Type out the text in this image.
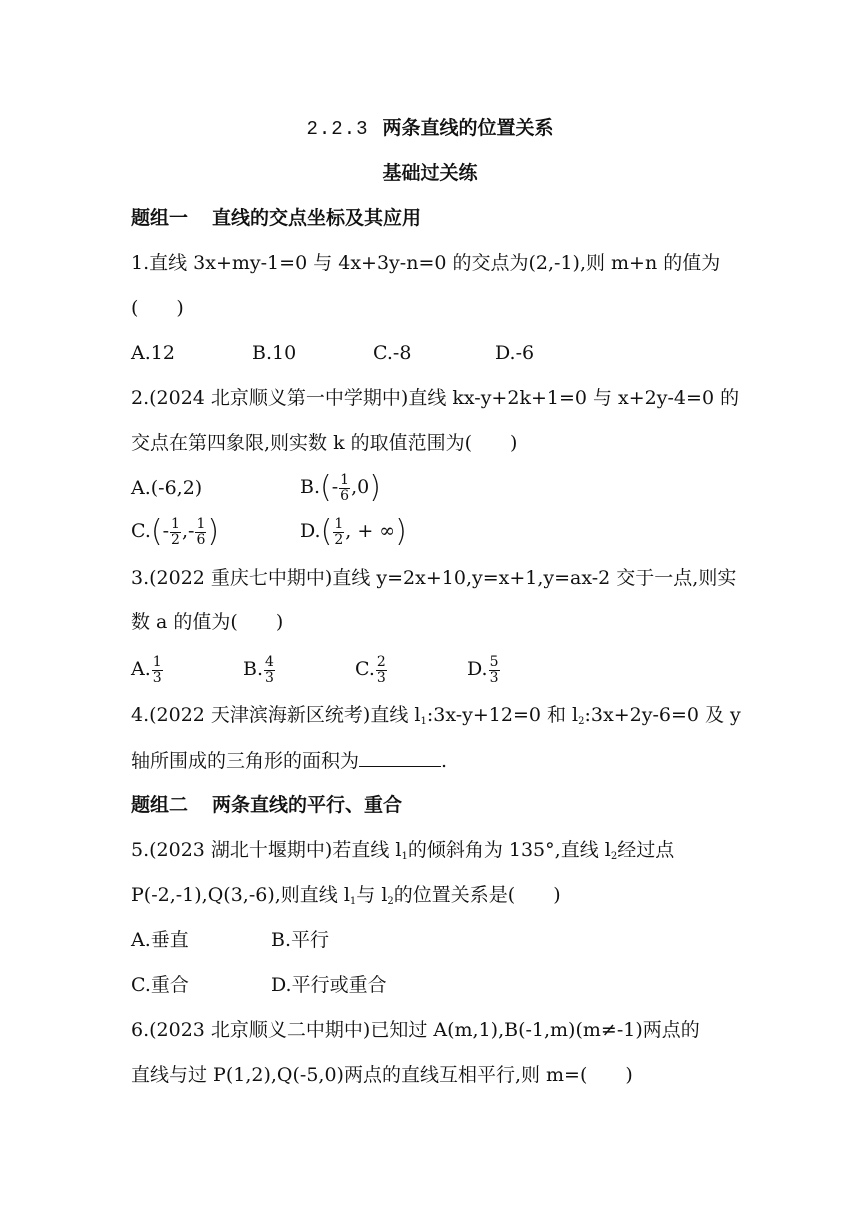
2.2.3 两条直线的位置关系
基础过关练
题组一 直线的交点坐标及其应用
1.直线 3x+my-1=0 与 4x+3y-n=0 的交点为(2,-1),则 m+n 的值为
(　　)
A.12	B.10	C.-8	D.-6
2.(2024 北京顺义第一中学期中)直线 kx-y+2k+1=0 与 x+2y-4=0 的
交点在第四象限,则实数 k 的取值范围为(　　)
A.(-6,2)	$B.(- \frac{1}{6} ,0)$
$C.(- \frac{1}{2}$ ,- $\frac{1}{6}$ )	$D.( \frac{1}{2}$ , + ∞)
3.(2022 重庆七中期中)直线 y=2x+10,y=x+1,y=ax-2 交于一点,则实
数 a 的值为(　　)
A. $\frac{1}{3}$	B. $\frac{4}{3}$	C. $\frac{2}{3}$	D. $\frac{5}{3}$
4.(2022 天津滨海新区统考)直线 $l_1:3x-y+12=0$ 和 $l_2:3x+2y-6=0$ 及 y
轴所围成的三角形的面积为	.
题组二 两条直线的平行、重合
5.(2023 湖北十堰期中)若直线 $l_1$的倾斜角为 135°,直线 $l_2$经过点
P(-2,-1),Q(3,-6),则直线 $l_1$与 $l_2$的位置关系是(　　)
A.垂直	B.平行
C.重合	D.平行或重合
6.(2023 北京顺义二中期中)已知过 A(m,1),B(-1,m)(m≠-1)两点的
直线与过 P(1,2),Q(-5,0)两点的直线互相平行,则 m=(　　)
